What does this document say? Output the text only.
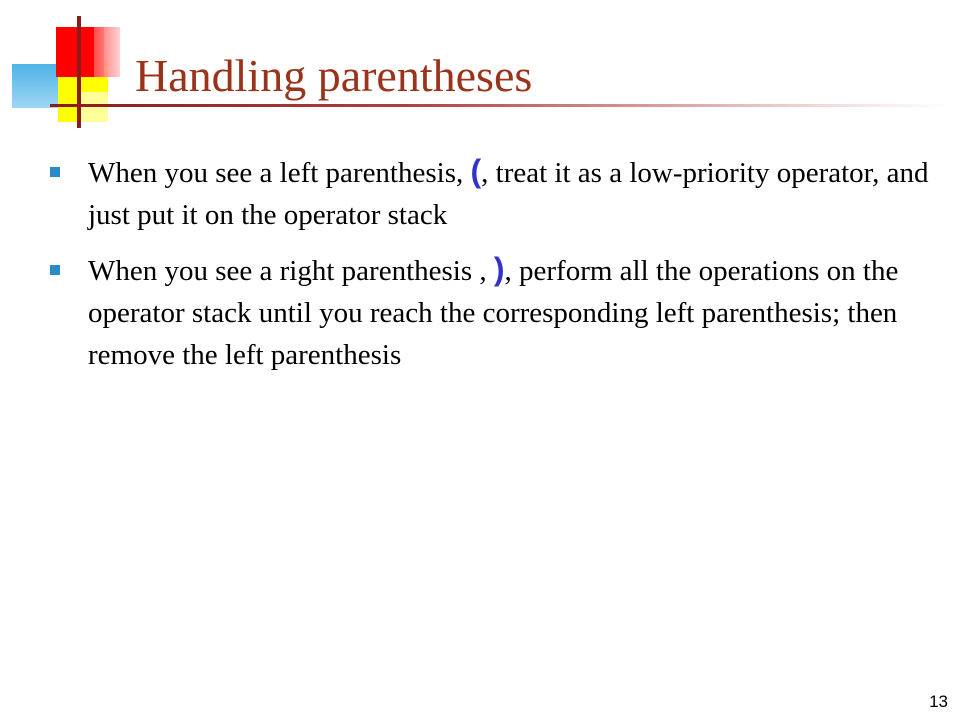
Handling parentheses
When you see a left parenthesis, (, treat it as a low-priority operator, and just put it on the operator stack
When you see a right parenthesis , ), perform all the operations on the operator stack until you reach the corresponding left parenthesis; then remove the left parenthesis
13
